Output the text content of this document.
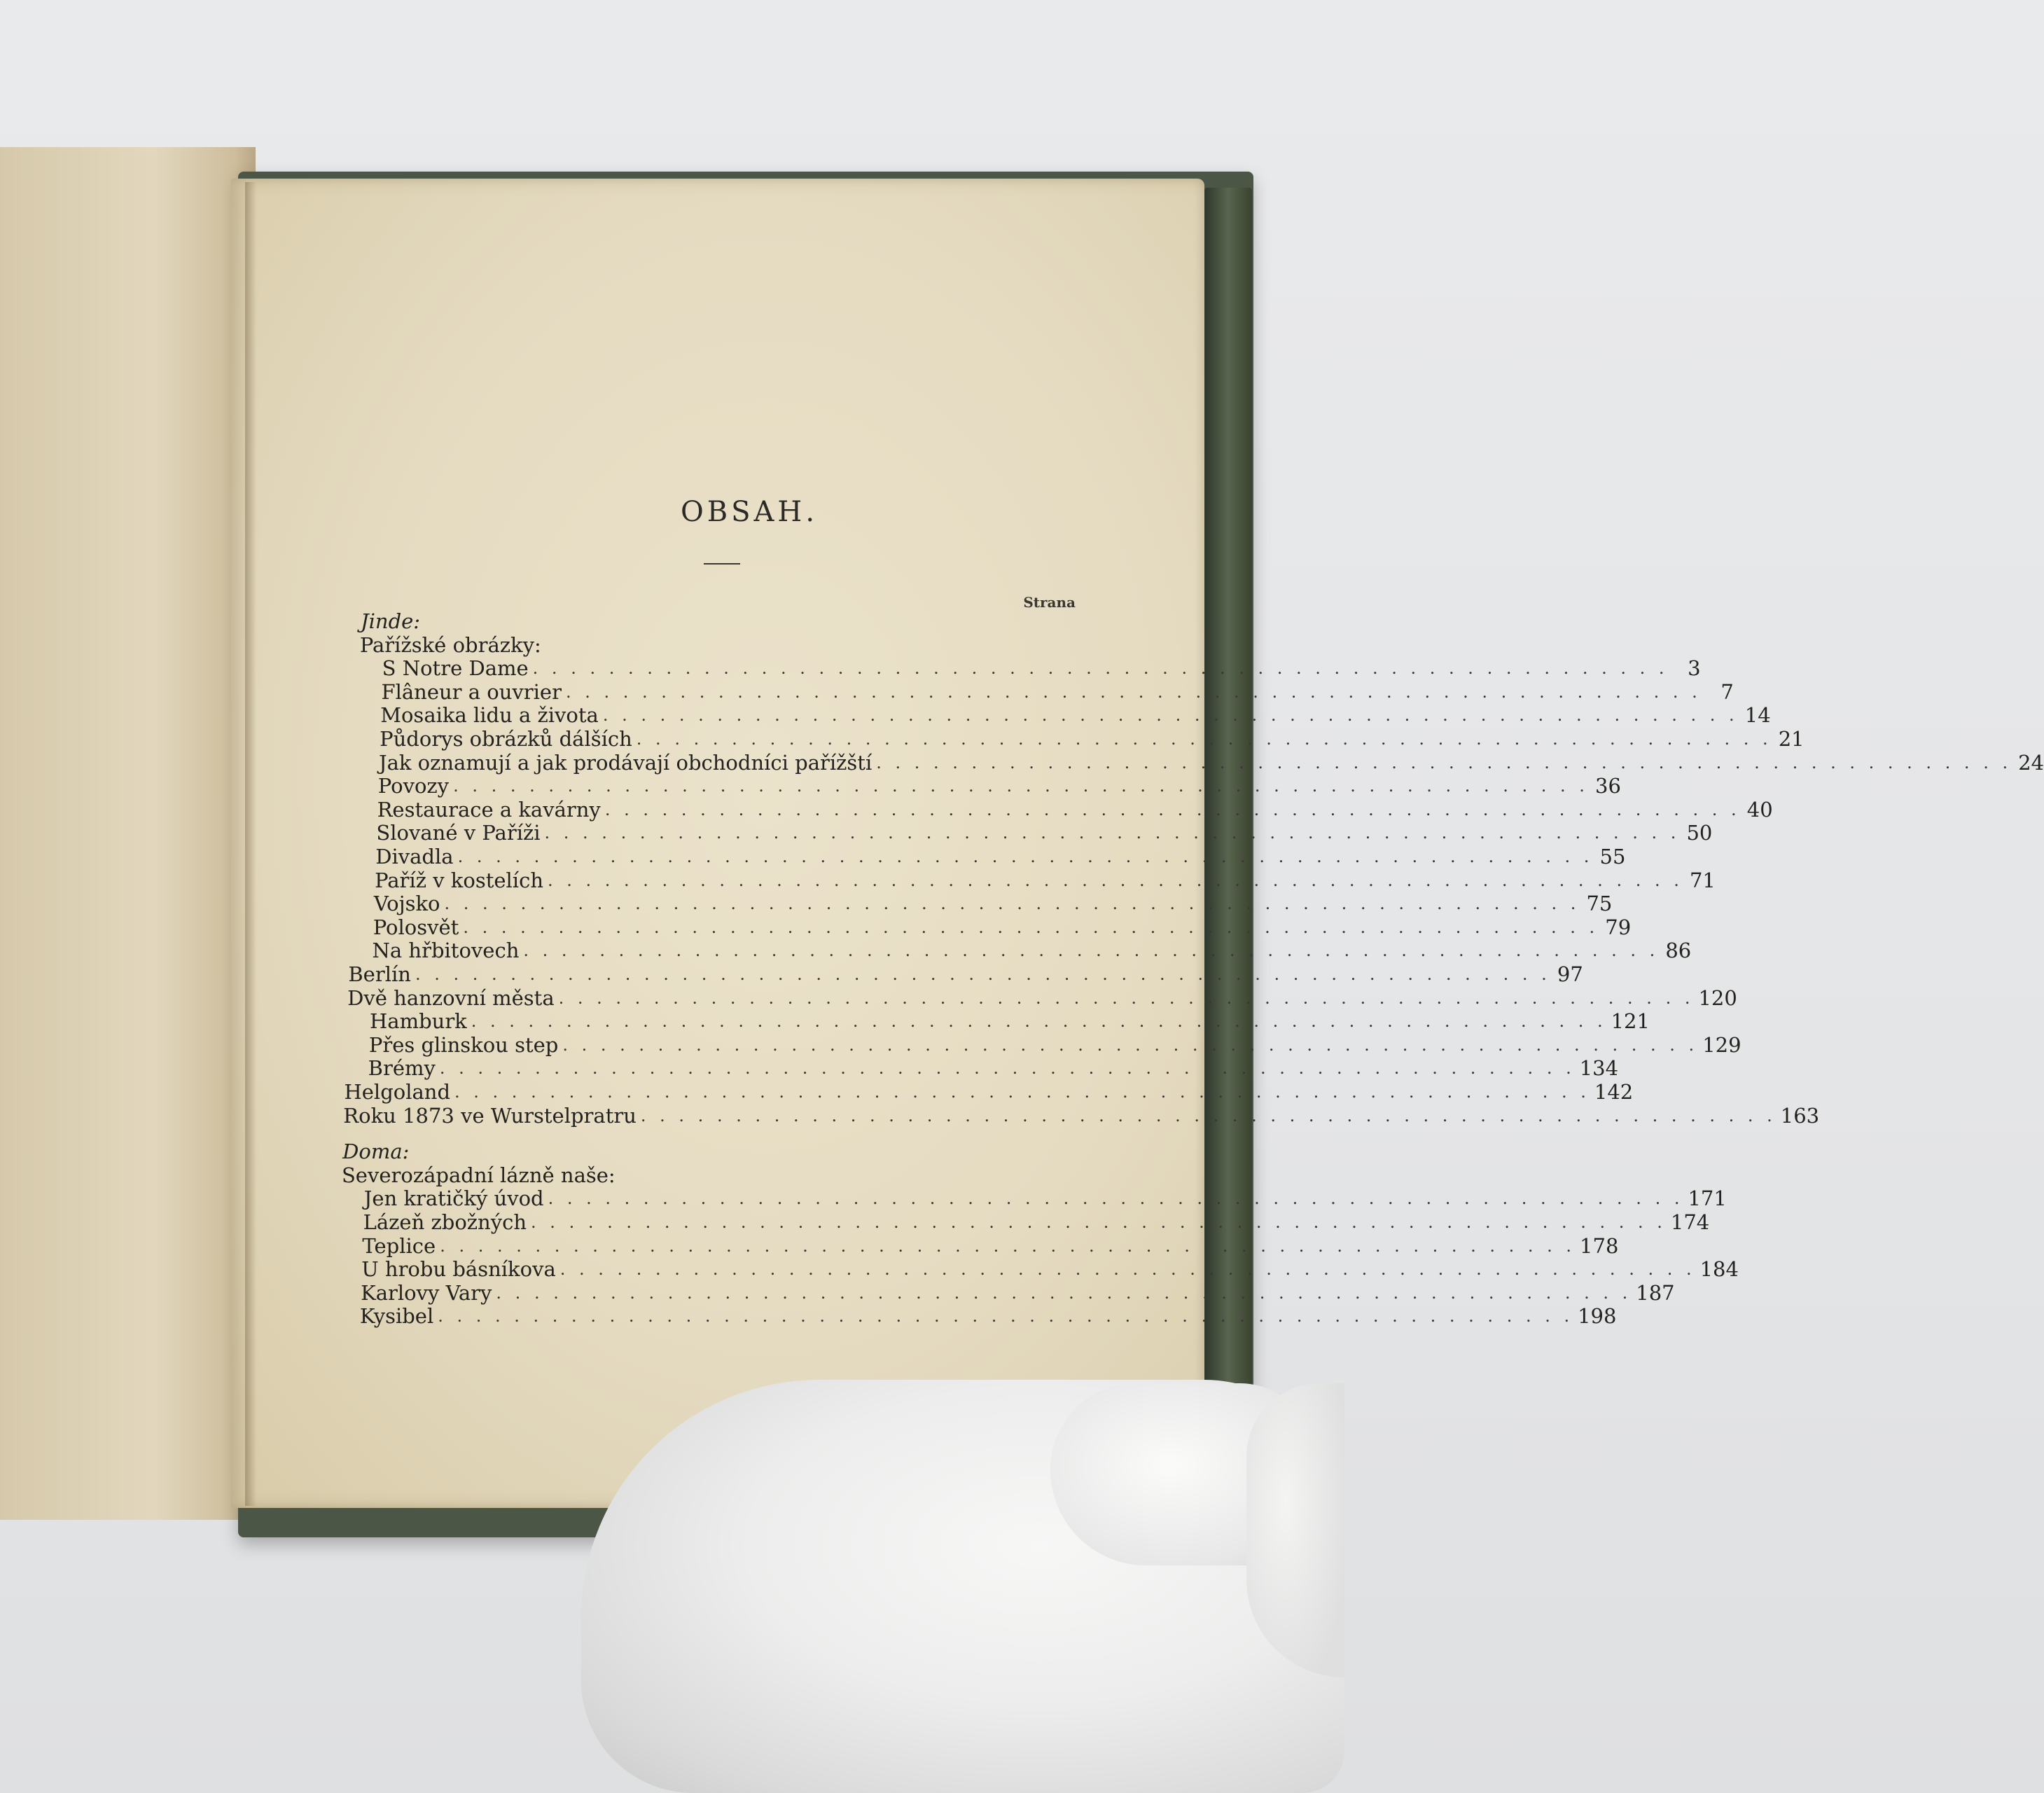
OBSAH.
Strana
Jinde:
Pařížské obrázky:
S Notre Dame . . . . . . . . . . . . . . . . . . . . . . . . . . . . . . . . . . . . . . . . . . . . . . . . . . . . . . . . . . . . 3
Flâneur a ouvrier . . . . . . . . . . . . . . . . . . . . . . . . . . . . . . . . . . . . . . . . . . . . . . . . . . . . . . . . . . . . 7
Mosaika lidu a života . . . . . . . . . . . . . . . . . . . . . . . . . . . . . . . . . . . . . . . . . . . . . . . . . . . . . . . . . . . . 14
Půdorys obrázků dálších . . . . . . . . . . . . . . . . . . . . . . . . . . . . . . . . . . . . . . . . . . . . . . . . . . . . . . . . . . . . 21
Jak oznamují a jak prodávají obchodníci pařížští . . . . . . . . . . . . . . . . . . . . . . . . . . . . . . . . . . . . . . . . . . . . . . . . . . . . . . . . . . . . 24
Povozy . . . . . . . . . . . . . . . . . . . . . . . . . . . . . . . . . . . . . . . . . . . . . . . . . . . . . . . . . . . . 36
Restaurace a kavárny . . . . . . . . . . . . . . . . . . . . . . . . . . . . . . . . . . . . . . . . . . . . . . . . . . . . . . . . . . . . 40
Slované v Paříži . . . . . . . . . . . . . . . . . . . . . . . . . . . . . . . . . . . . . . . . . . . . . . . . . . . . . . . . . . . . 50
Divadla . . . . . . . . . . . . . . . . . . . . . . . . . . . . . . . . . . . . . . . . . . . . . . . . . . . . . . . . . . . . 55
Paříž v kostelích . . . . . . . . . . . . . . . . . . . . . . . . . . . . . . . . . . . . . . . . . . . . . . . . . . . . . . . . . . . . 71
Vojsko . . . . . . . . . . . . . . . . . . . . . . . . . . . . . . . . . . . . . . . . . . . . . . . . . . . . . . . . . . . . 75
Polosvět . . . . . . . . . . . . . . . . . . . . . . . . . . . . . . . . . . . . . . . . . . . . . . . . . . . . . . . . . . . . 79
Na hřbitovech . . . . . . . . . . . . . . . . . . . . . . . . . . . . . . . . . . . . . . . . . . . . . . . . . . . . . . . . . . . . 86
Berlín . . . . . . . . . . . . . . . . . . . . . . . . . . . . . . . . . . . . . . . . . . . . . . . . . . . . . . . . . . . . 97
Dvě hanzovní města . . . . . . . . . . . . . . . . . . . . . . . . . . . . . . . . . . . . . . . . . . . . . . . . . . . . . . . . . . . . 120
Hamburk . . . . . . . . . . . . . . . . . . . . . . . . . . . . . . . . . . . . . . . . . . . . . . . . . . . . . . . . . . . . 121
Přes glinskou step . . . . . . . . . . . . . . . . . . . . . . . . . . . . . . . . . . . . . . . . . . . . . . . . . . . . . . . . . . . . 129
Brémy . . . . . . . . . . . . . . . . . . . . . . . . . . . . . . . . . . . . . . . . . . . . . . . . . . . . . . . . . . . . 134
Helgoland . . . . . . . . . . . . . . . . . . . . . . . . . . . . . . . . . . . . . . . . . . . . . . . . . . . . . . . . . . . . 142
Roku 1873 ve Wurstelpratru . . . . . . . . . . . . . . . . . . . . . . . . . . . . . . . . . . . . . . . . . . . . . . . . . . . . . . . . . . . . 163
Doma:
Severozápadní lázně naše:
Jen kratičký úvod . . . . . . . . . . . . . . . . . . . . . . . . . . . . . . . . . . . . . . . . . . . . . . . . . . . . . . . . . . . . 171
Lázeň zbožných . . . . . . . . . . . . . . . . . . . . . . . . . . . . . . . . . . . . . . . . . . . . . . . . . . . . . . . . . . . . 174
Teplice . . . . . . . . . . . . . . . . . . . . . . . . . . . . . . . . . . . . . . . . . . . . . . . . . . . . . . . . . . . . 178
U hrobu básníkova . . . . . . . . . . . . . . . . . . . . . . . . . . . . . . . . . . . . . . . . . . . . . . . . . . . . . . . . . . . . 184
Karlovy Vary . . . . . . . . . . . . . . . . . . . . . . . . . . . . . . . . . . . . . . . . . . . . . . . . . . . . . . . . . . . . 187
Kysibel . . . . . . . . . . . . . . . . . . . . . . . . . . . . . . . . . . . . . . . . . . . . . . . . . . . . . . . . . . . . 198
